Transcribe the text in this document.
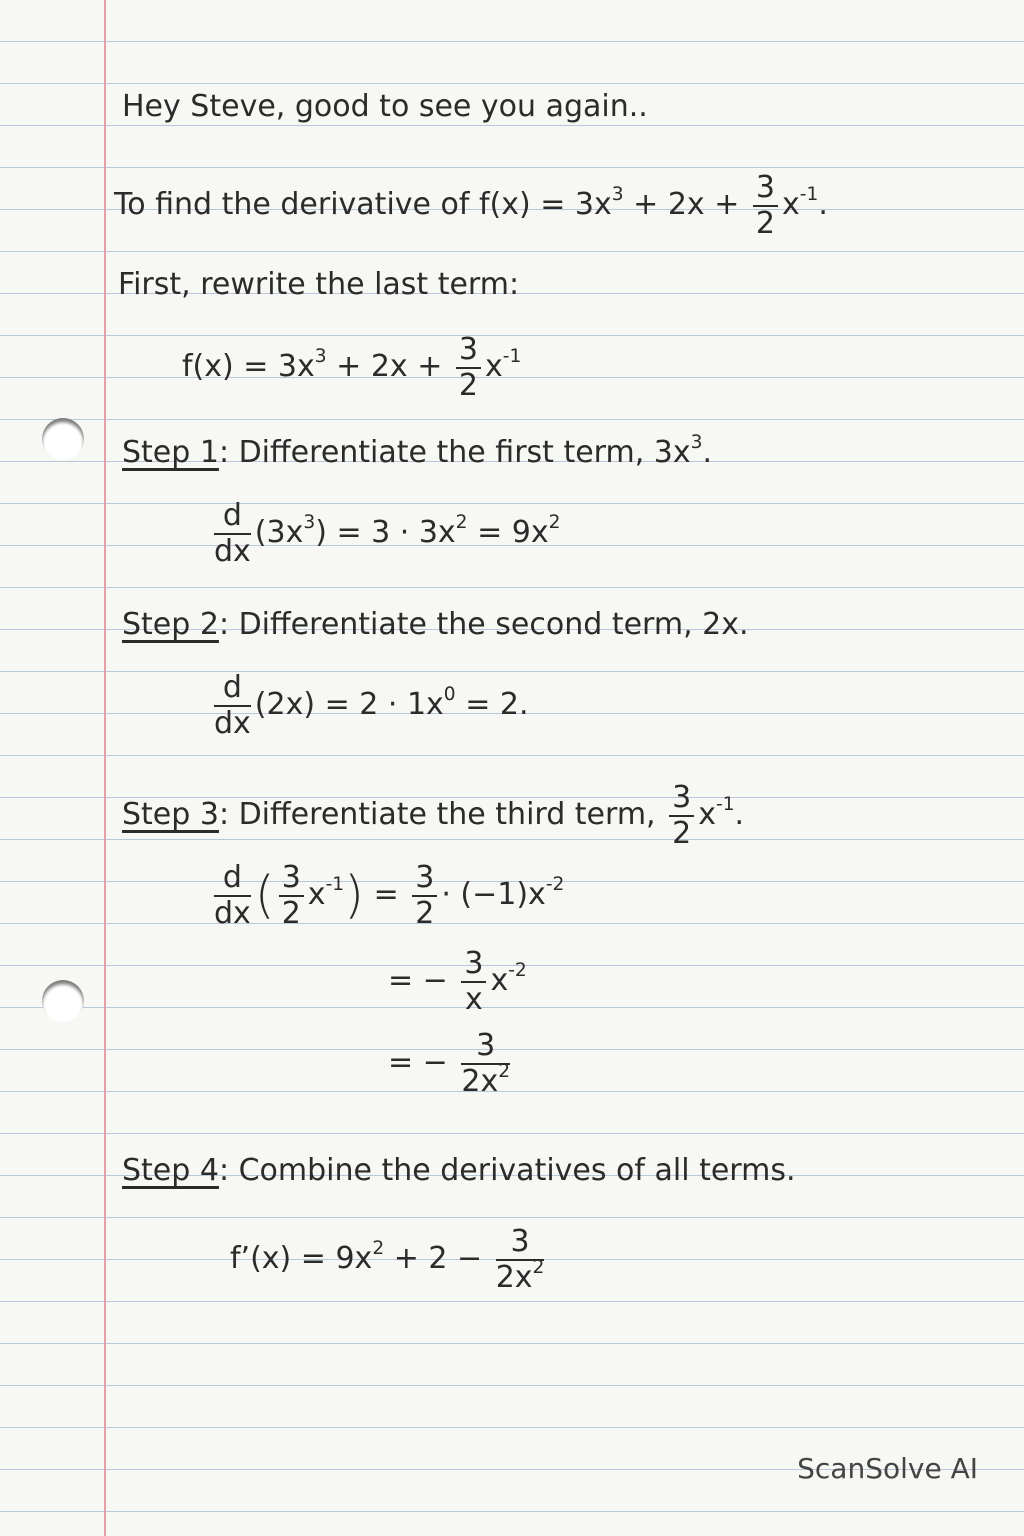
Hey Steve, good to see you again..
To find the derivative of $f(x) = 3x^3 + 2x + \frac{3}{2} x^{-1}$.
First, rewrite the last term:
$f(x) = 3x^3 + 2x + \frac{3}{2} x^{-1}$
Step 1: Differentiate the first term, $3x^3$.
$\frac{d}{dx} (3x^3) = 3 \cdot 3x^2 = 9x^2$
Step 2: Differentiate the second term, 2x.
$\frac{d}{dx} (2x) = 2 \cdot 1x^0 = 2$.
Step 3: Differentiate the third term, $\frac{3}{2} x^{-1}$.
$\frac{d}{dx}$ ( $\frac{3}{2} x^{-1}) = \frac{3}{2} \cdot (-1)x^{-2}$
= − $\frac{3}{x} x^{-2}$
= − $\frac{3}{2x^2}$
Step 4: Combine the derivatives of all terms.
f’(x) = $9x^2 + 2 - \frac{3}{2x^2}$
ScanSolve AI
